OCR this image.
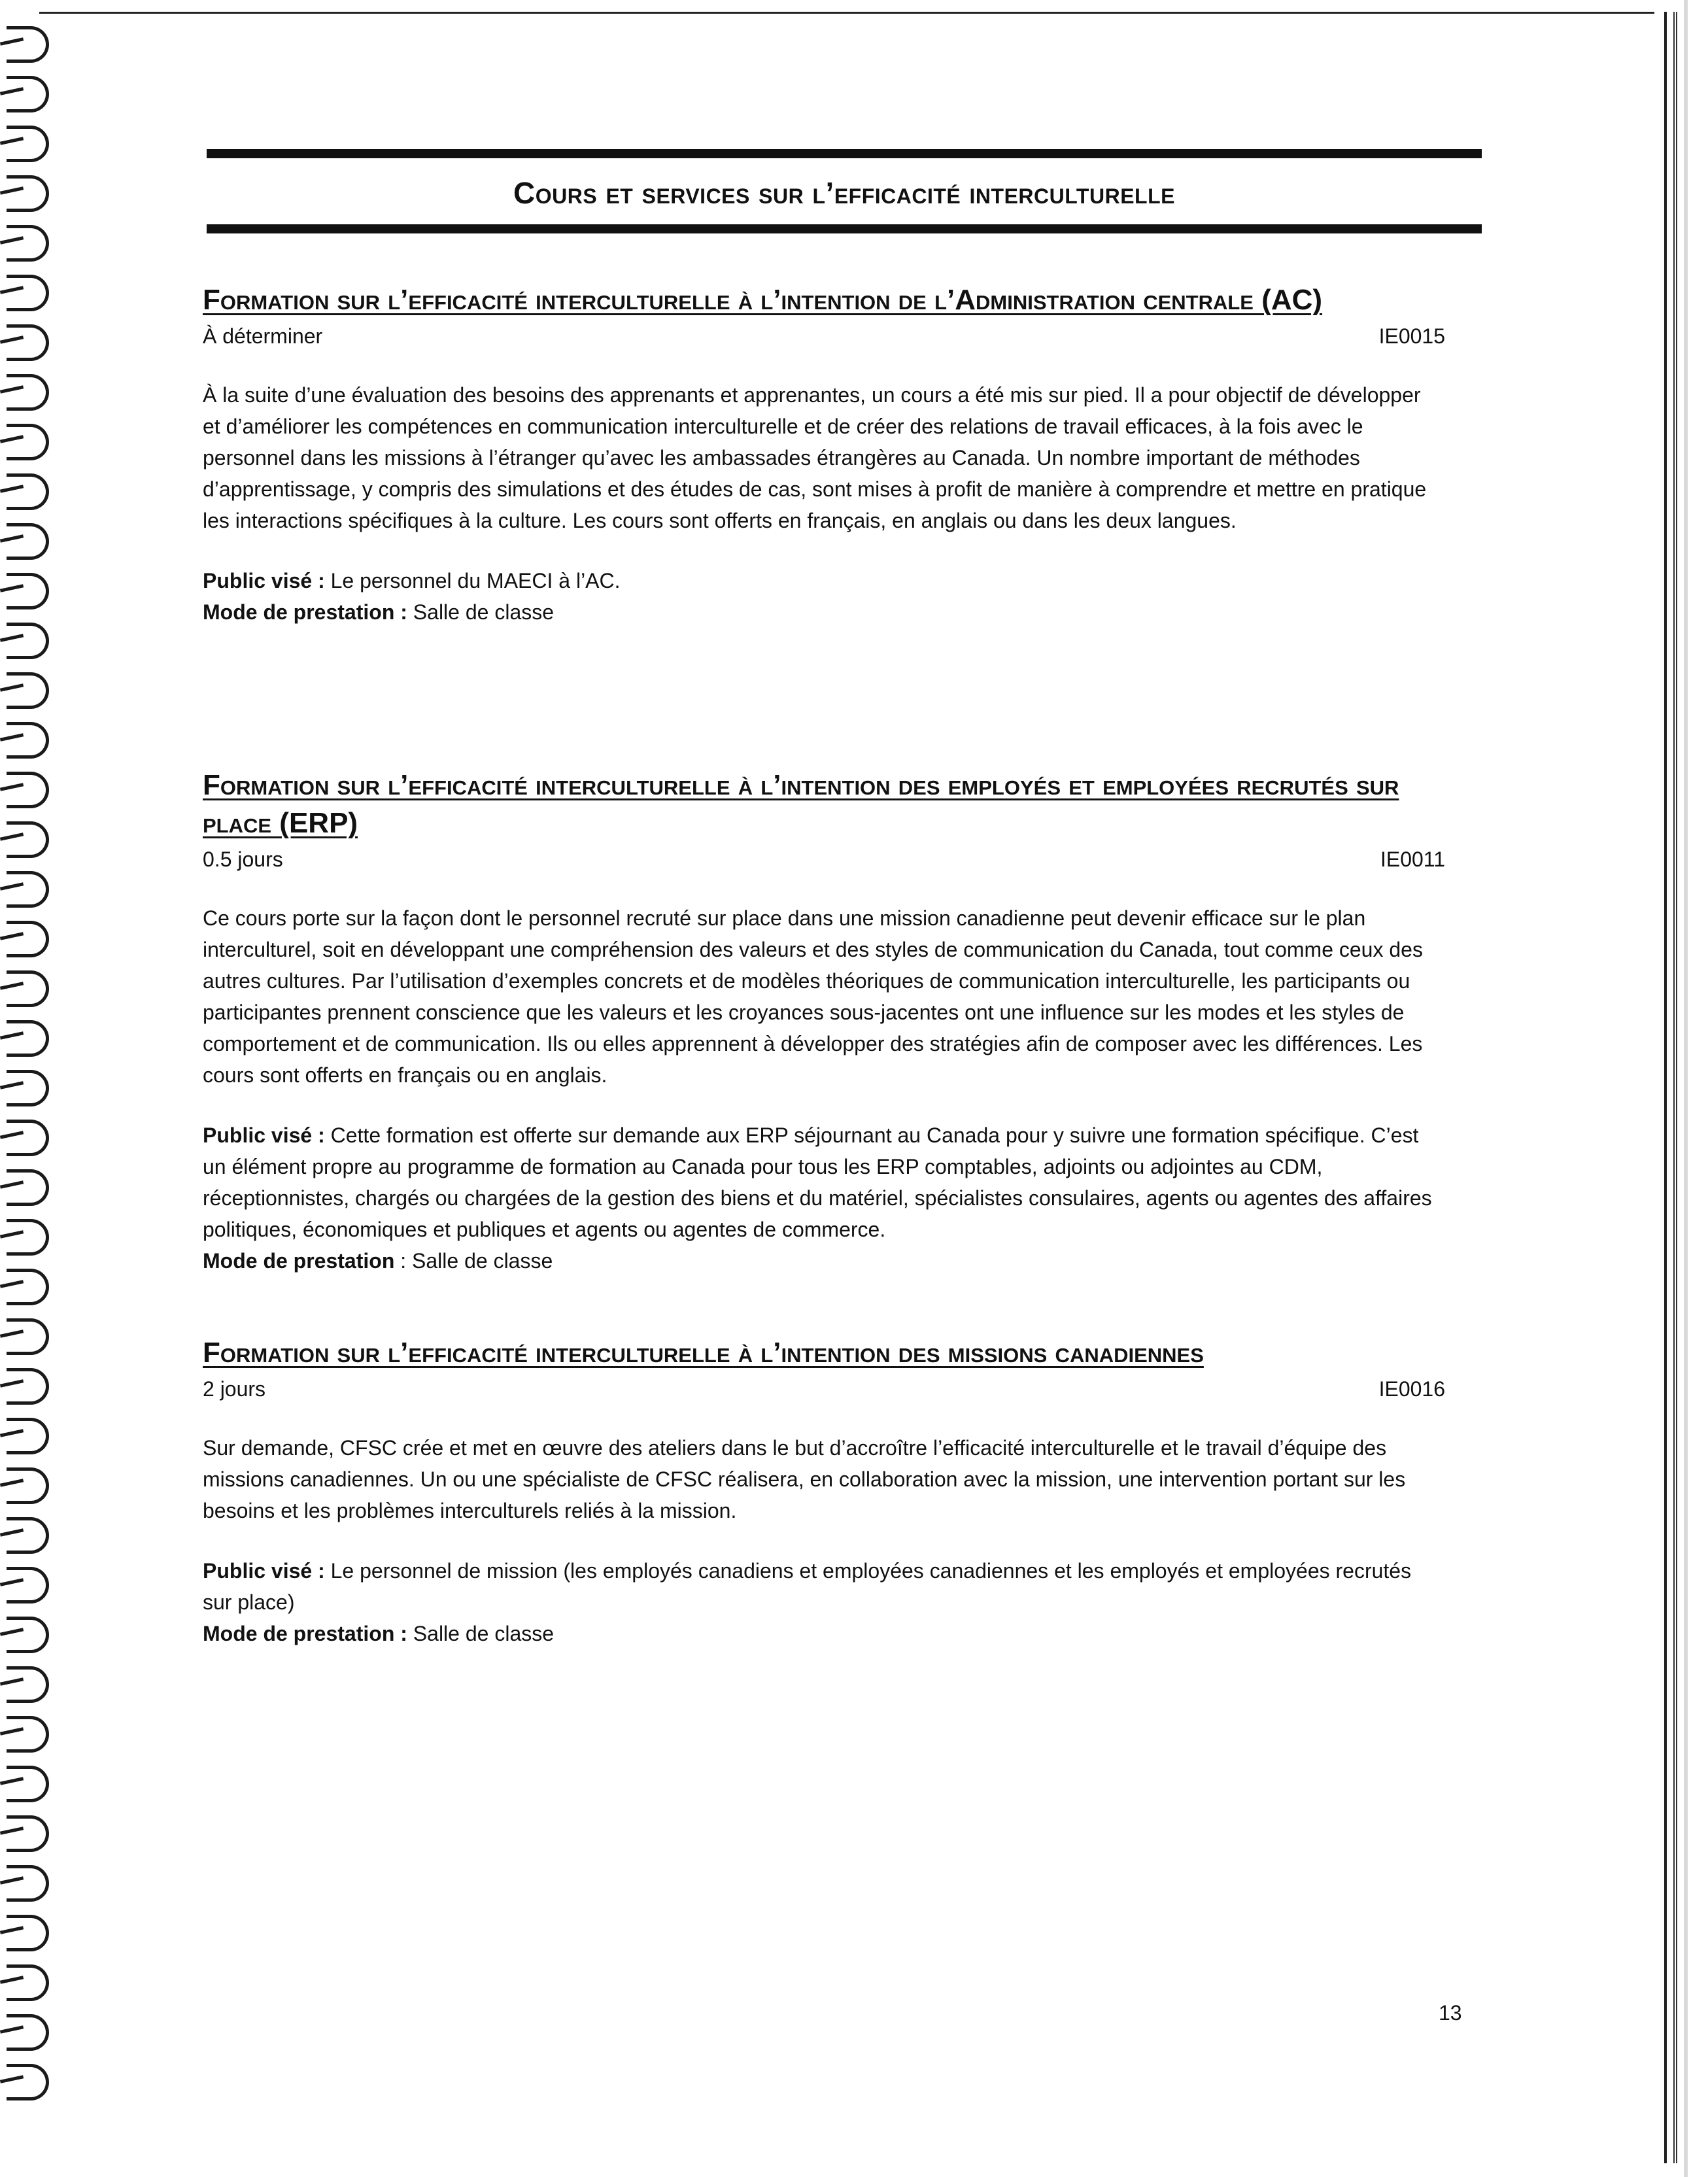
Cours et services sur l’efficacité interculturelle
Formation sur l’efficacité interculturelle à l’intention de l’Administration centrale (AC)
À déterminer	IE0015
À la suite d’une évaluation des besoins des apprenants et apprenantes, un cours a été mis sur pied. Il a pour objectif de développer et d’améliorer les compétences en communication interculturelle et de créer des relations de travail efficaces, à la fois avec le personnel dans les missions à l’étranger qu’avec les ambassades étrangères au Canada. Un nombre important de méthodes d’apprentissage, y compris des simulations et des études de cas, sont mises à profit de manière à comprendre et mettre en pratique les interactions spécifiques à la culture. Les cours sont offerts en français, en anglais ou dans les deux langues.
Public visé : Le personnel du MAECI à l’AC.
Mode de prestation : Salle de classe
Formation sur l’efficacité interculturelle à l’intention des employés et employées recrutés sur place (ERP)
0.5 jours	IE0011
Ce cours porte sur la façon dont le personnel recruté sur place dans une mission canadienne peut devenir efficace sur le plan interculturel, soit en développant une compréhension des valeurs et des styles de communication du Canada, tout comme ceux des autres cultures. Par l’utilisation d’exemples concrets et de modèles théoriques de communication interculturelle, les participants ou participantes prennent conscience que les valeurs et les croyances sous-jacentes ont une influence sur les modes et les styles de comportement et de communication. Ils ou elles apprennent à développer des stratégies afin de composer avec les différences. Les cours sont offerts en français ou en anglais.
Public visé : Cette formation est offerte sur demande aux ERP séjournant au Canada pour y suivre une formation spécifique. C’est un élément propre au programme de formation au Canada pour tous les ERP comptables, adjoints ou adjointes au CDM, réceptionnistes, chargés ou chargées de la gestion des biens et du matériel, spécialistes consulaires, agents ou agentes des affaires politiques, économiques et publiques et agents ou agentes de commerce.
Mode de prestation : Salle de classe
Formation sur l’efficacité interculturelle à l’intention des missions canadiennes
2 jours	IE0016
Sur demande, CFSC crée et met en œuvre des ateliers dans le but d’accroître l’efficacité interculturelle et le travail d’équipe des missions canadiennes. Un ou une spécialiste de CFSC réalisera, en collaboration avec la mission, une intervention portant sur les besoins et les problèmes interculturels reliés à la mission.
Public visé : Le personnel de mission (les employés canadiens et employées canadiennes et les employés et employées recrutés sur place)
Mode de prestation : Salle de classe
13
